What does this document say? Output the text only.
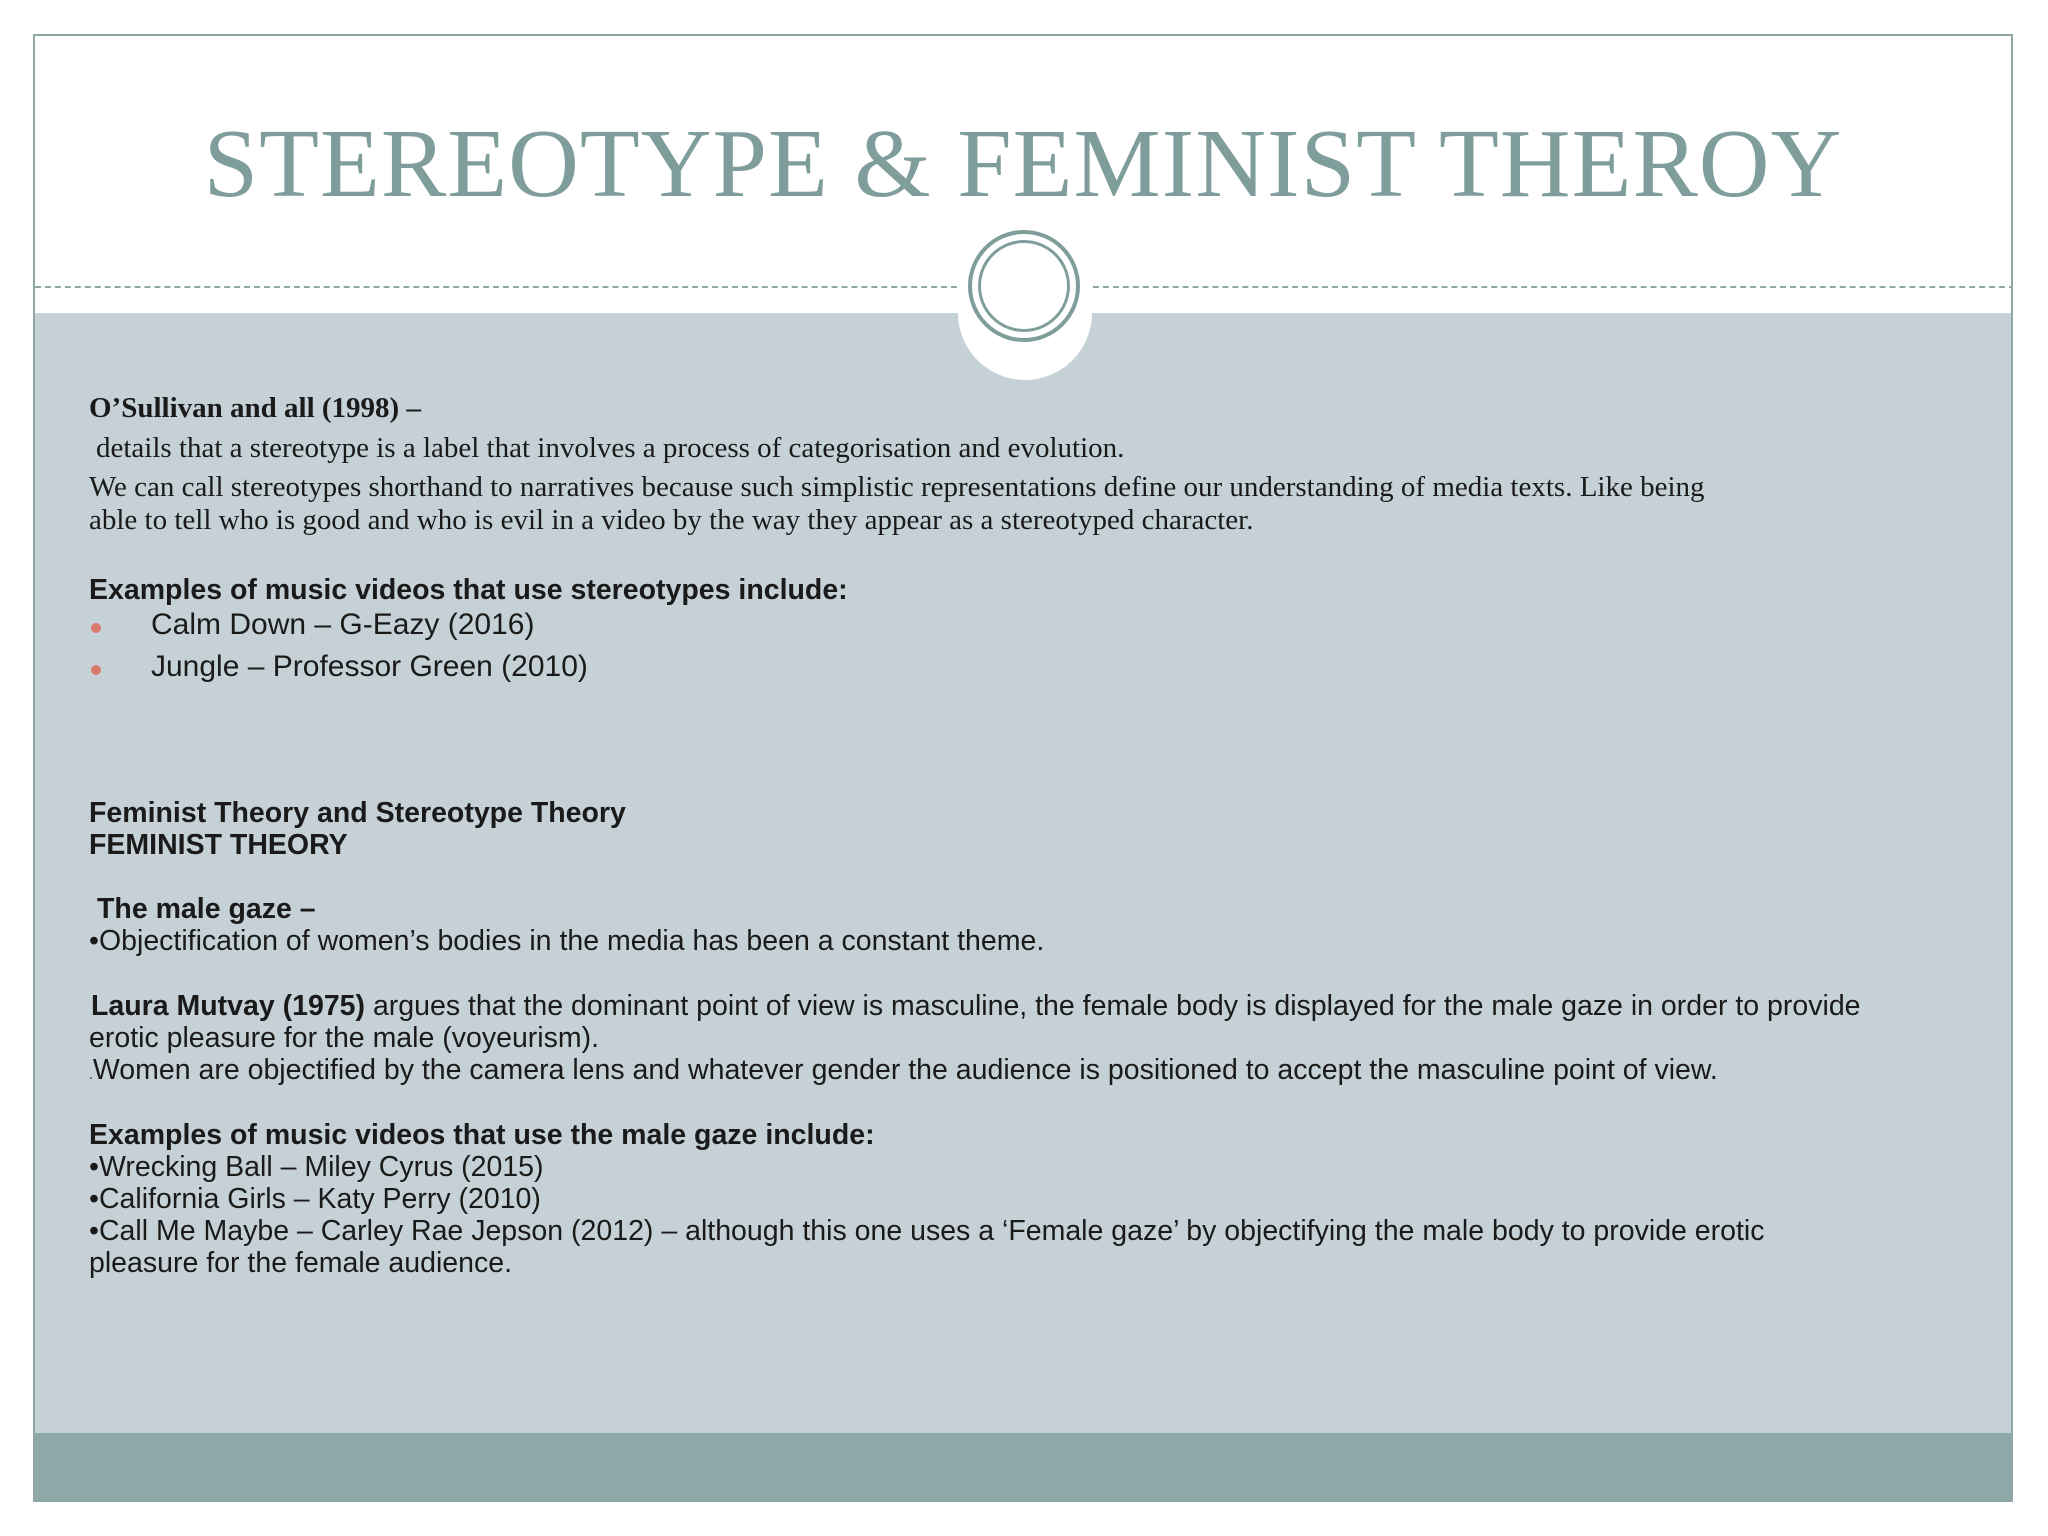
STEREOTYPE & FEMINIST THEROY
O’Sullivan and all (1998) –
details that a stereotype is a label that involves a process of categorisation and evolution.
We can call stereotypes shorthand to narratives because such simplistic representations define our understanding of media texts. Like being
able to tell who is good and who is evil in a video by the way they appear as a stereotyped character.
Examples of music videos that use stereotypes include:
Calm Down – G-Eazy (2016)
Jungle – Professor Green (2010)
Feminist Theory and Stereotype Theory
FEMINIST THEORY
The male gaze –
•Objectification of women’s bodies in the media has been a constant theme.
Laura Mutvay (1975) argues that the dominant point of view is masculine, the female body is displayed for the male gaze in order to provide
erotic pleasure for the male (voyeurism).
.Women are objectified by the camera lens and whatever gender the audience is positioned to accept the masculine point of view.
Examples of music videos that use the male gaze include:
•Wrecking Ball – Miley Cyrus (2015)
•California Girls – Katy Perry (2010)
•Call Me Maybe – Carley Rae Jepson (2012) – although this one uses a ‘Female gaze’ by objectifying the male body to provide erotic
pleasure for the female audience.
